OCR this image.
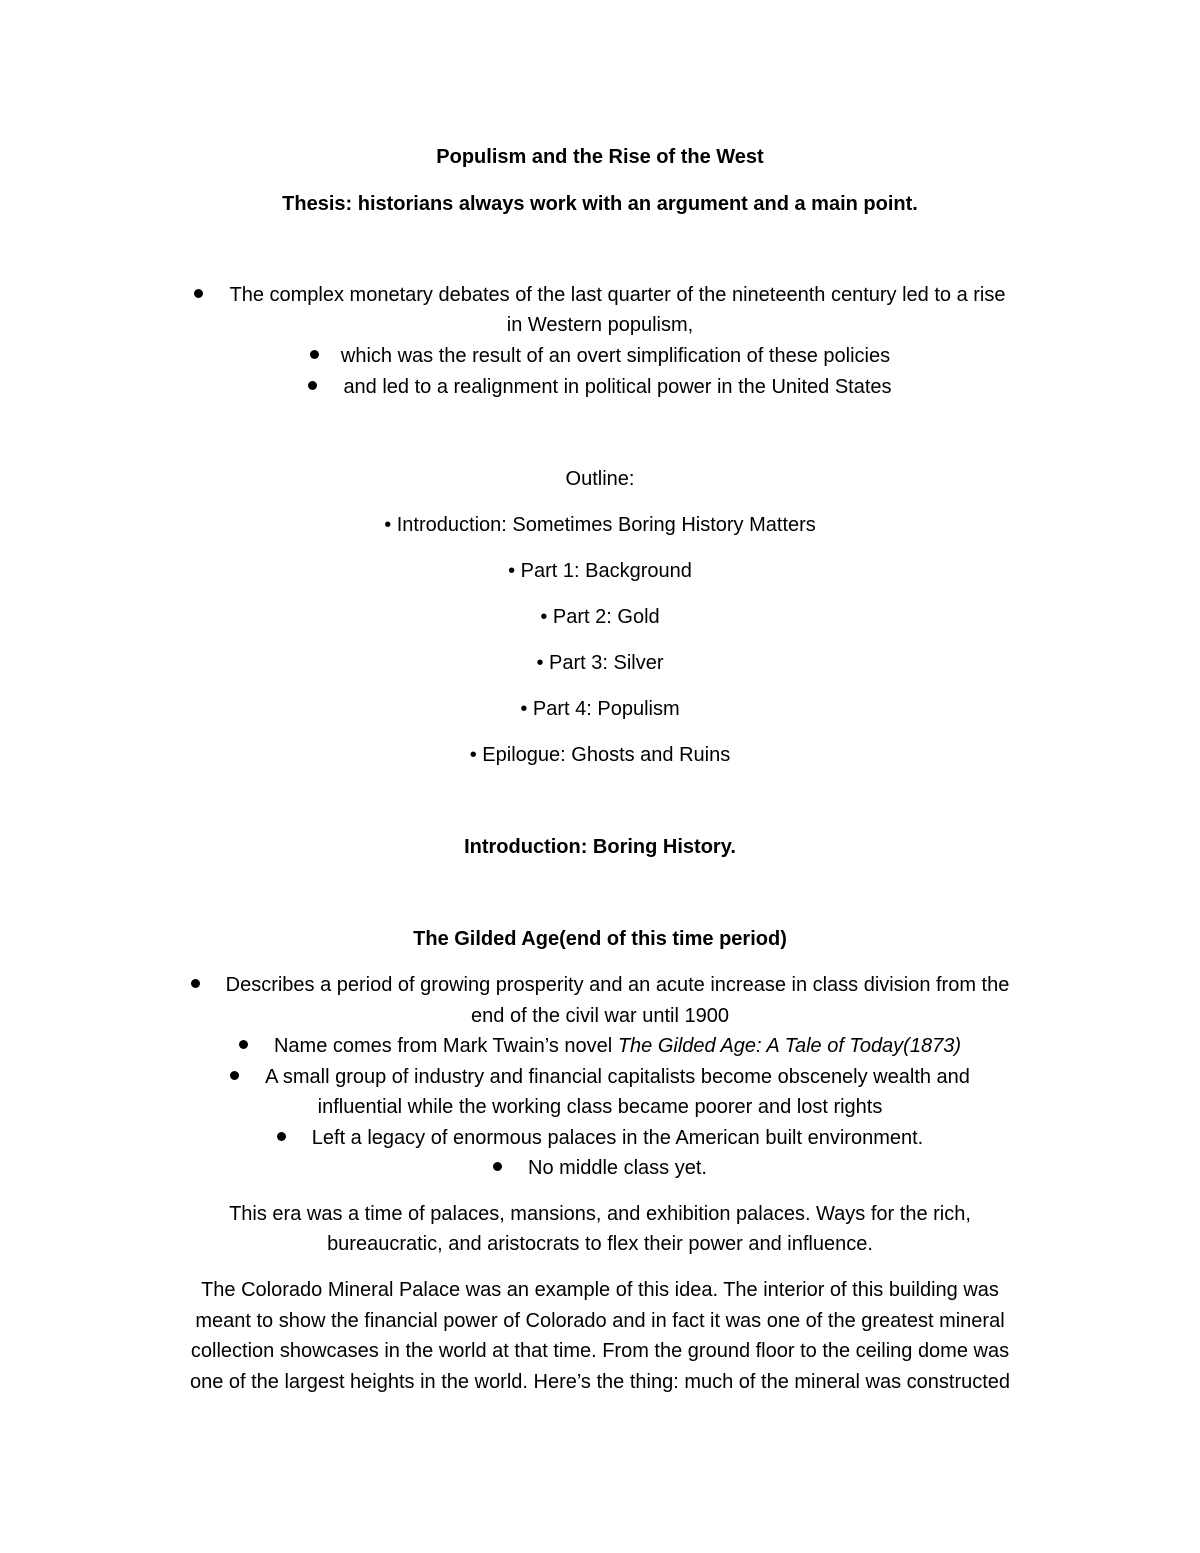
Populism and the Rise of the West

Thesis: historians always work with an argument and a main point.

The complex monetary debates of the last quarter of the nineteenth century led to a rise

in Western populism,

which was the result of an overt simplification of these policies

and led to a realignment in political power in the United States

Outline:

• Introduction: Sometimes Boring History Matters

• Part 1: Background

• Part 2: Gold

• Part 3: Silver

• Part 4: Populism

• Epilogue: Ghosts and Ruins

Introduction: Boring History.

The Gilded Age(end of this time period)

Describes a period of growing prosperity and an acute increase in class division from the

end of the civil war until 1900

Name comes from Mark Twain’s novel The Gilded Age: A Tale of Today(1873)

A small group of industry and financial capitalists become obscenely wealth and

influential while the working class became poorer and lost rights

Left a legacy of enormous palaces in the American built environment.

No middle class yet.

This era was a time of palaces, mansions, and exhibition palaces. Ways for the rich,

bureaucratic, and aristocrats to flex their power and influence.

The Colorado Mineral Palace was an example of this idea. The interior of this building was

meant to show the financial power of Colorado and in fact it was one of the greatest mineral

collection showcases in the world at that time. From the ground floor to the ceiling dome was

one of the largest heights in the world. Here’s the thing: much of the mineral was constructed
